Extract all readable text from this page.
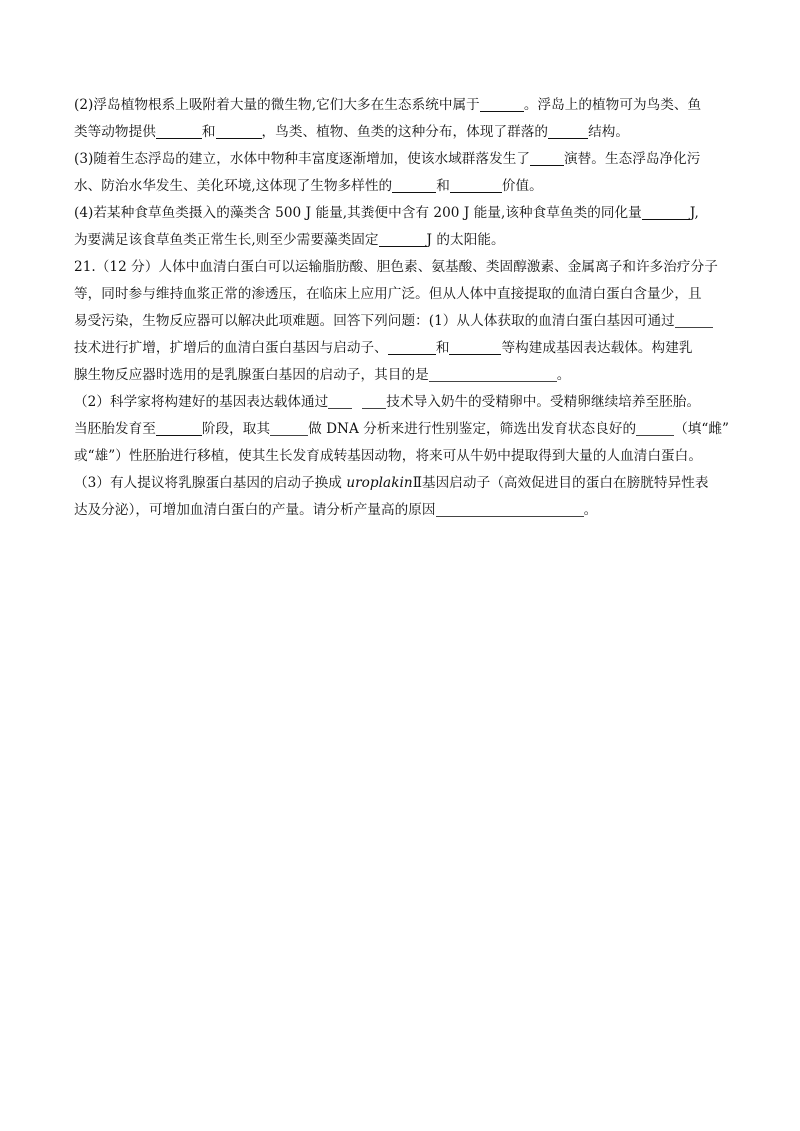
(2)浮岛植物根系上吸附着大量的微生物,它们大多在生态系统中属于	。浮岛上的植物可为鸟类、鱼
类等动物提供	和	，鸟类、植物、鱼类的这种分布，体现了群落的	结构。
(3)随着生态浮岛的建立，水体中物种丰富度逐渐增加，使该水域群落发生了	演替。生态浮岛净化污
水、防治水华发生、美化环境,这体现了生物多样性的	和	价值。
(4)若某种食草鱼类摄入的藻类含 500 J 能量,其粪便中含有 200 J 能量,该种食草鱼类的同化量	J,
为要满足该食草鱼类正常生长,则至少需要藻类固定	J 的太阳能。
21.（12 分）人体中血清白蛋白可以运输脂肪酸、胆色素、氨基酸、类固醇激素、金属离子和许多治疗分子
等，同时参与维持血浆正常的渗透压，在临床上应用广泛。但从人体中直接提取的血清白蛋白含量少，且
易受污染，生物反应器可以解决此项难题。回答下列问题：(1）从人体获取的血清白蛋白基因可通过
技术进行扩增，扩增后的血清白蛋白基因与启动子、	和	等构建成基因表达载体。构建乳
腺生物反应器时选用的是乳腺蛋白基因的启动子，其目的是	。
（2）科学家将构建好的基因表达载体通过	技术导入奶牛的受精卵中。受精卵继续培养至胚胎。
当胚胎发育至	阶段，取其	做 DNA 分析来进行性别鉴定，筛选出发育状态良好的	（填“雌”
或“雄”）性胚胎进行移植，使其生长发育成转基因动物，将来可从牛奶中提取得到大量的人血清白蛋白。
（3）有人提议将乳腺蛋白基因的启动子换成 uroplakinⅡ基因启动子（高效促进目的蛋白在膀胱特异性表
达及分泌），可增加血清白蛋白的产量。请分析产量高的原因	。
